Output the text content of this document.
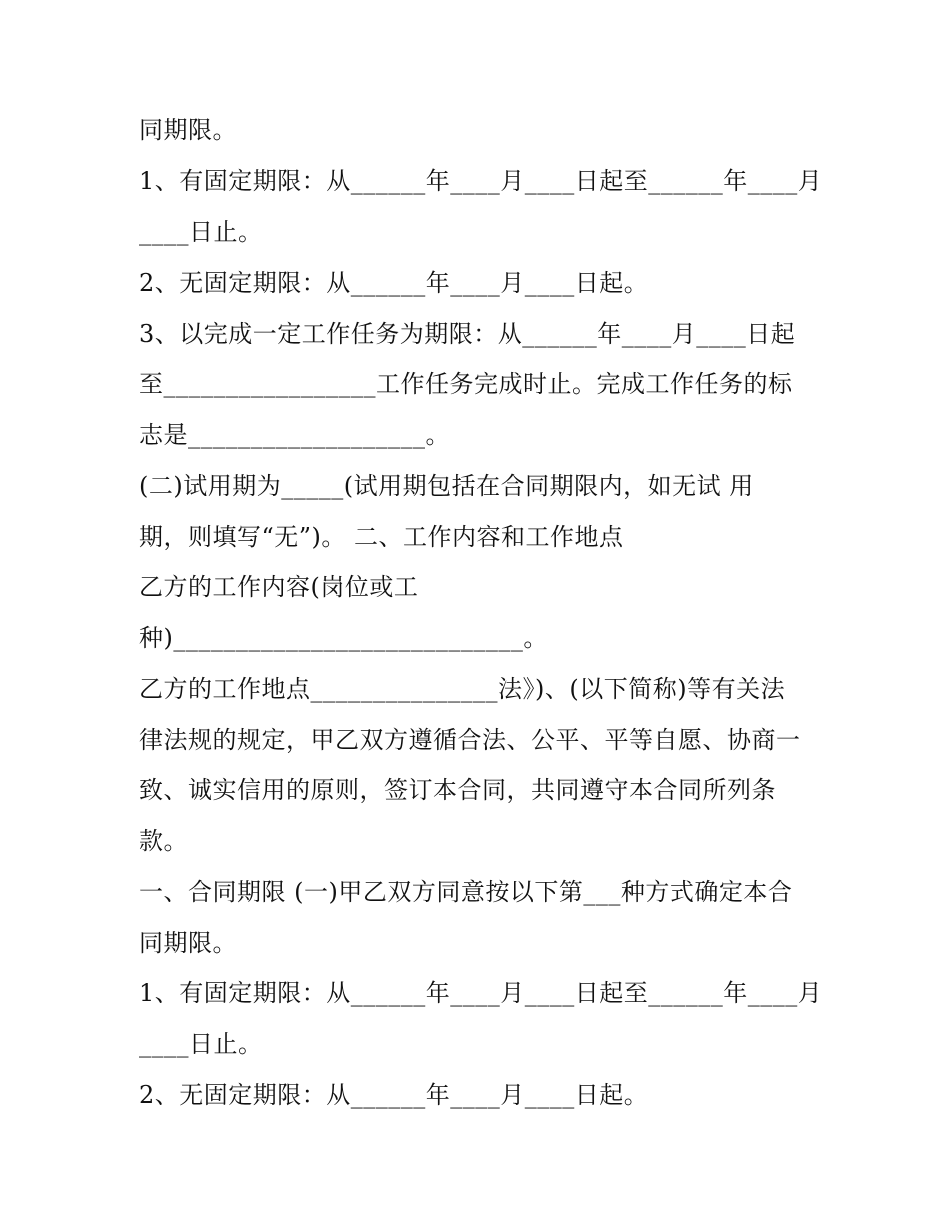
同期限。
1、有固定期限：从______年____月____日起至______年____月
____日止。
2、无固定期限：从______年____月____日起。
3、以完成一定工作任务为期限：从______年____月____日起
至_________________工作任务完成时止。完成工作任务的标
志是___________________。
(二)试用期为_____(试用期包括在合同期限内，如无试 用
期，则填写“无”)。 二、工作内容和工作地点
乙方的工作内容(岗位或工
种)____________________________。
乙方的工作地点_______________法》)、(以下简称)等有关法
律法规的规定，甲乙双方遵循合法、公平、平等自愿、协商一
致、诚实信用的原则，签订本合同，共同遵守本合同所列条
款。
一、合同期限 (一)甲乙双方同意按以下第___种方式确定本合
同期限。
1、有固定期限：从______年____月____日起至______年____月
____日止。
2、无固定期限：从______年____月____日起。
